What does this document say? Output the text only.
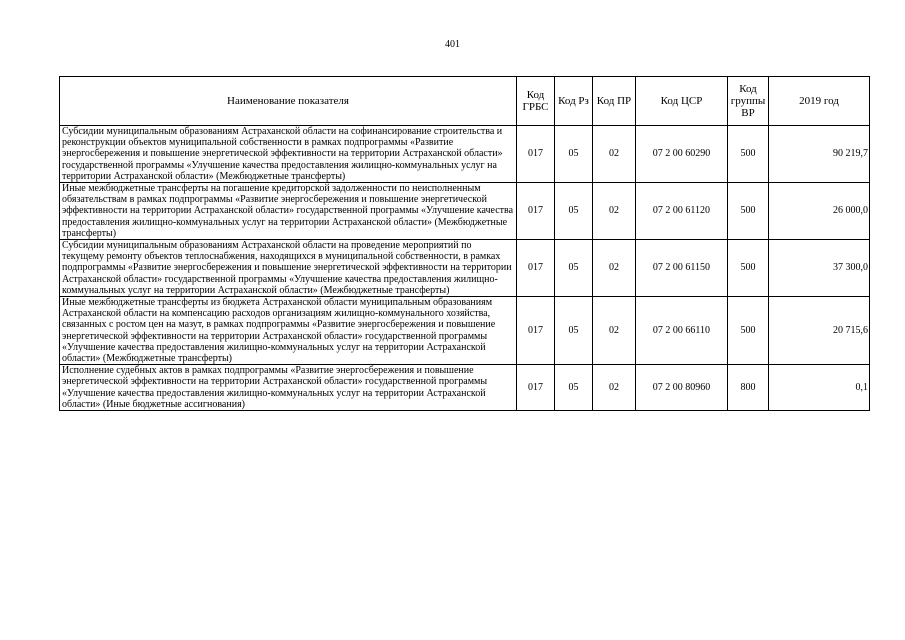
401
Наименование показателя	Код ГРБС	Код Рз	Код ПР	Код ЦСР	Код группы ВР	2019 год
Субсидии муниципальным образованиям Астраханской области на софинансирование строительства и реконструкции объектов муниципальной собственности в рамках подпрограммы «Развитие энергосбережения и повышение энергетической эффективности на территории Астраханской области» государственной программы «Улучшение качества предоставления жилищно-коммунальных услуг на территории Астраханской области» (Межбюджетные трансферты)	017	05	02	07 2 00 60290	500	90 219,7
Иные межбюджетные трансферты на погашение кредиторской задолженности по неисполненным обязательствам в рамках подпрограммы «Развитие энергосбережения и повышение энергетической эффективности на территории Астраханской области» государственной программы «Улучшение качества предоставления жилищно-коммунальных услуг на территории Астраханской области» (Межбюджетные трансферты)	017	05	02	07 2 00 61120	500	26 000,0
Субсидии муниципальным образованиям Астраханской области на проведение мероприятий по текущему ремонту объектов теплоснабжения, находящихся в муниципальной собственности, в рамках подпрограммы «Развитие энергосбережения и повышение энергетической эффективности на территории Астраханской области» государственной программы «Улучшение качества предоставления жилищно-коммунальных услуг на территории Астраханской области» (Межбюджетные трансферты)	017	05	02	07 2 00 61150	500	37 300,0
Иные межбюджетные трансферты из бюджета Астраханской области муниципальным образованиям Астраханской области на компенсацию расходов организациям жилищно-коммунального хозяйства, связанных с ростом цен на мазут, в рамках подпрограммы «Развитие энергосбережения и повышение энергетической эффективности на территории Астраханской области» государственной программы «Улучшение качества предоставления жилищно-коммунальных услуг на территории Астраханской области» (Межбюджетные трансферты)	017	05	02	07 2 00 66110	500	20 715,6
Исполнение судебных актов в рамках подпрограммы «Развитие энергосбережения и повышение энергетической эффективности на территории Астраханской области» государственной программы «Улучшение качества предоставления жилищно-коммунальных услуг на территории Астраханской области» (Иные бюджетные ассигнования)	017	05	02	07 2 00 80960	800	0,1
